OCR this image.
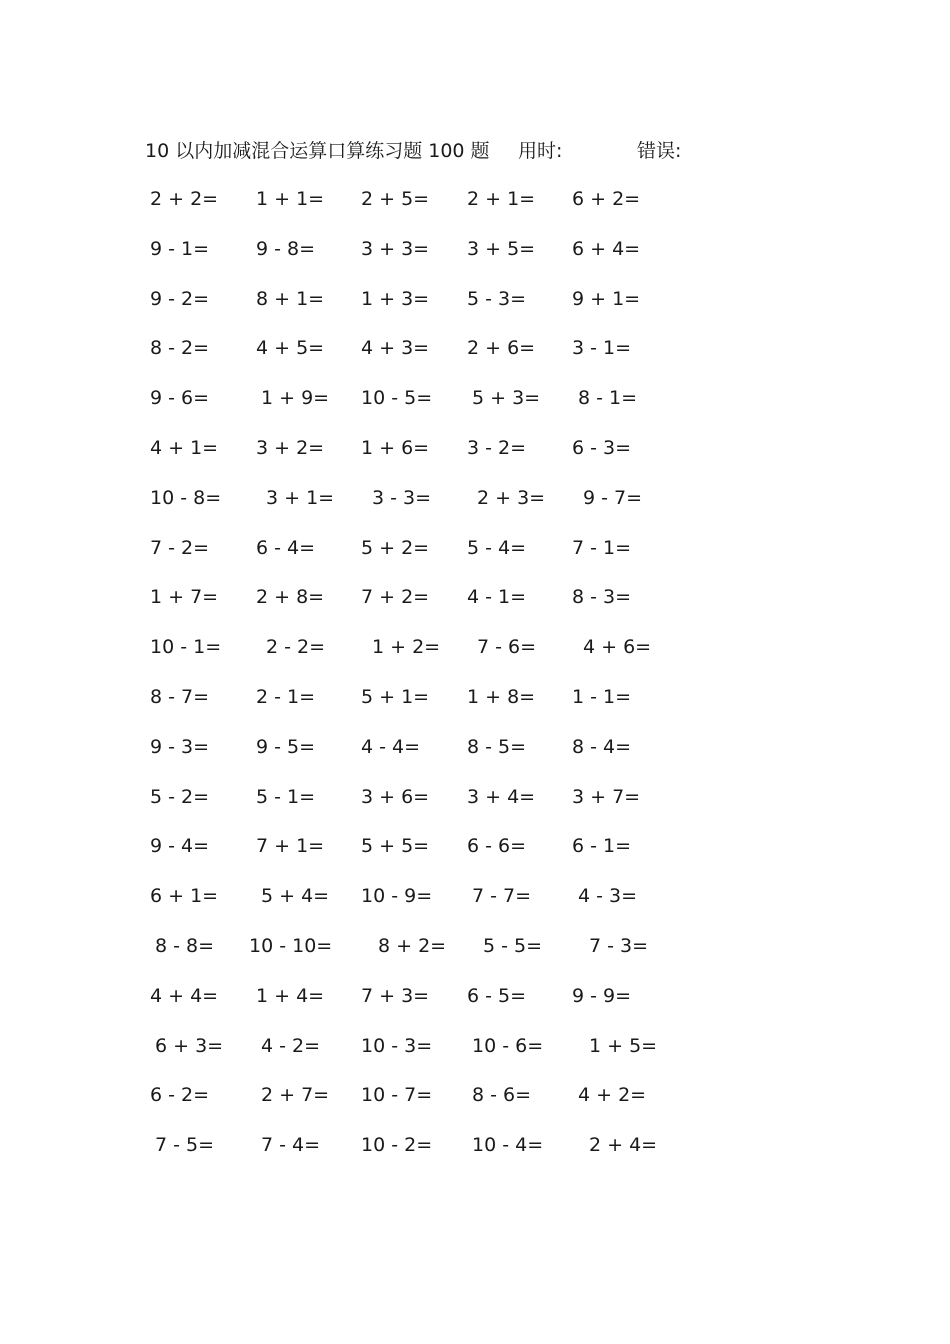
10 以内加减混合运算口算练习题 100 题 用时:	错误:
2 + 2= 1 + 1= 2 + 5= 2 + 1= 6 + 2=
9 - 1= 9 - 8= 3 + 3= 3 + 5= 6 + 4=
9 - 2= 8 + 1= 1 + 3= 5 - 3= 9 + 1=
8 - 2= 4 + 5= 4 + 3= 2 + 6= 3 - 1=
9 - 6=	1 + 9= 10 - 5= 5 + 3= 8 - 1=
4 + 1= 3 + 2= 1 + 6= 3 - 2= 6 - 3=
10 - 8= 3 + 1= 3 - 3= 2 + 3= 9 - 7=
7 - 2= 6 - 4= 5 + 2= 5 - 4= 7 - 1=
1 + 7= 2 + 8= 7 + 2= 4 - 1= 8 - 3=
10 - 1= 2 - 2= 1 + 2= 7 - 6= 4 + 6=
8 - 7= 2 - 1= 5 + 1= 1 + 8= 1 - 1=
9 - 3= 9 - 5= 4 - 4= 8 - 5= 8 - 4=
5 - 2= 5 - 1= 3 + 6= 3 + 4= 3 + 7=
9 - 4= 7 + 1= 5 + 5= 6 - 6= 6 - 1=
6 + 1= 5 + 4= 10 - 9= 7 - 7= 4 - 3=
8 - 8= 10 - 10= 8 + 2= 5 - 5= 7 - 3=
4 + 4= 1 + 4= 7 + 3= 6 - 5= 9 - 9=
6 + 3= 4 - 2= 10 - 3= 10 - 6= 1 + 5=
6 - 2=	2 + 7= 10 - 7= 8 - 6= 4 + 2=
7 - 5= 7 - 4= 10 - 2= 10 - 4= 2 + 4=
